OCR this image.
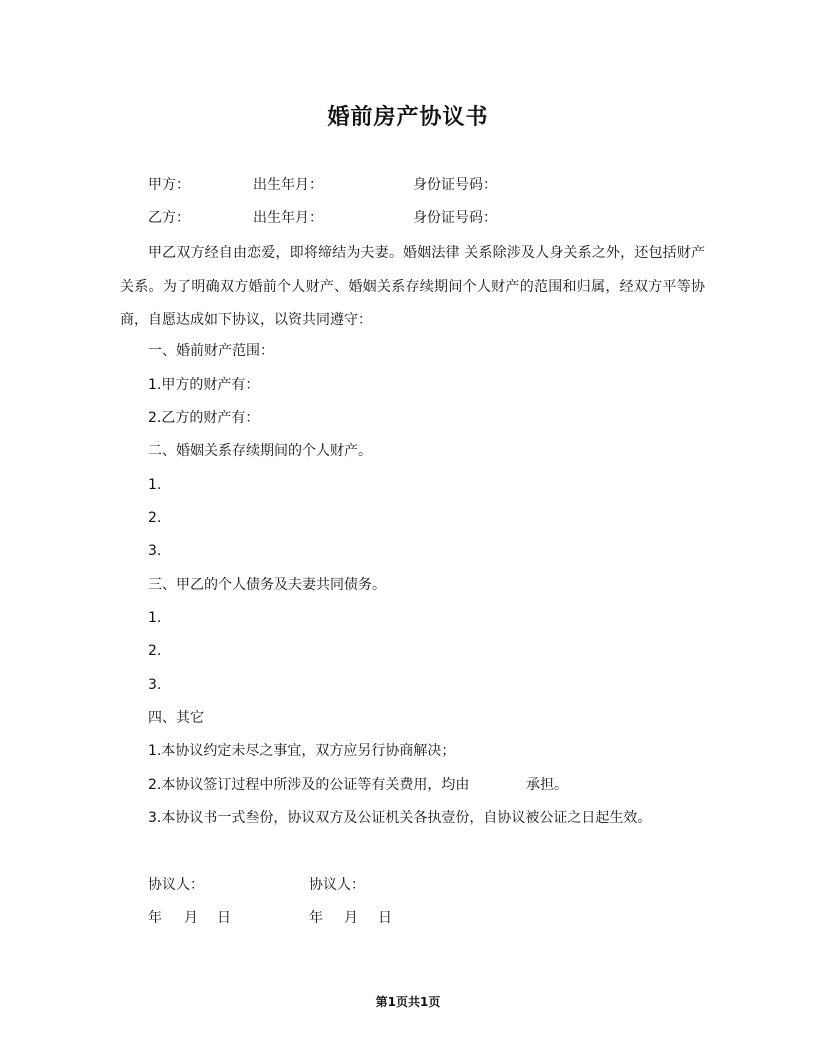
婚前房产协议书
甲方：	出生年月：	身份证号码：
乙方：	出生年月：	身份证号码：
甲乙双方经自由恋爱，即将缔结为夫妻。婚姻法律 关系除涉及人身关系之外，还包括财产关系。为了明确双方婚前个人财产、婚姻关系存续期间个人财产的范围和归属，经双方平等协商，自愿达成如下协议，以资共同遵守：
一、婚前财产范围：
1.甲方的财产有：
2.乙方的财产有：
二、婚姻关系存续期间的个人财产。
1.
2.
3.
三、甲乙的个人债务及夫妻共同债务。
1.
2.
3.
四、其它
1.本协议约定未尽之事宜，双方应另行协商解决；
2.本协议签订过程中所涉及的公证等有关费用，均由	承担。
3.本协议书一式叁份，协议双方及公证机关各执壹份，自协议被公证之日起生效。
协议人：	协议人：
年 月 日	年 月 日
第1页共1页
